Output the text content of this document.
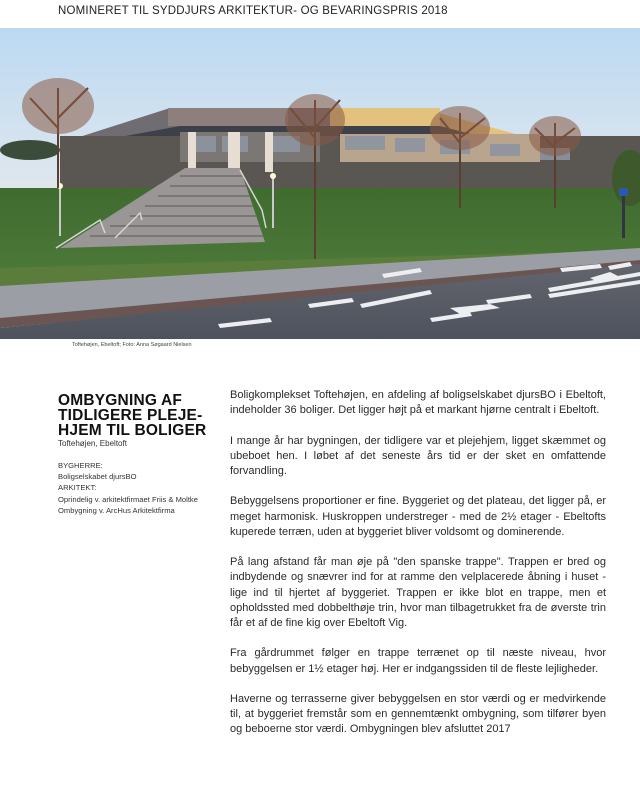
NOMINERET TIL SYDDJURS ARKITEKTUR- OG BEVARINGSPRIS 2018
Toftehøjen, Ebeltoft; Foto: Anna Søgaard Nielsen
OMBYGNING AF
TIDLIGERE PLEJE-
HJEM TIL BOLIGER
Toftehøjen, Ebeltoft
BYGHERRE:
Boligselskabet djursBO
ARKITEKT:
Oprindelig v. arkitektfirmaet Friis & Moltke
Ombygning v. ArcHus Arkitektfirma

Boligkomplekset Toftehøjen, en afdeling af boligselskabet djursBO i Ebeltoft, indeholder 36 boliger. Det ligger højt på et markant hjørne centralt i Ebeltoft.

I mange år har bygningen, der tidligere var et plejehjem, ligget skæmmet og ubeboet hen. I løbet af det seneste års tid er der sket en omfattende forvandling.

Bebyggelsens proportioner er fine. Byggeriet og det plateau, det ligger på, er meget harmonisk. Huskroppen understreger - med de 2½ etager - Ebeltofts kuperede terræn, uden at byggeriet bliver voldsomt og dominerende.

På lang afstand får man øje på "den spanske trappe". Trappen er bred og indbydende og snævrer ind for at ramme den velplacerede åbning i huset - lige ind til hjertet af byggeriet. Trappen er ikke blot en trappe, men et opholdssted med dobbelthøje trin, hvor man tilbagetrukket fra de øverste trin får et af de fine kig over Ebeltoft Vig.

Fra gårdrummet følger en trappe terrænet op til næste niveau, hvor bebyggelsen er 1½ etager høj. Her er indgangssiden til de fleste lejligheder.

Haverne og terrasserne giver bebyggelsen en stor værdi og er medvirkende til, at byggeriet fremstår som en gennemtænkt ombygning, som tilfører byen og beboerne stor værdi. Ombygningen blev afsluttet 2017
